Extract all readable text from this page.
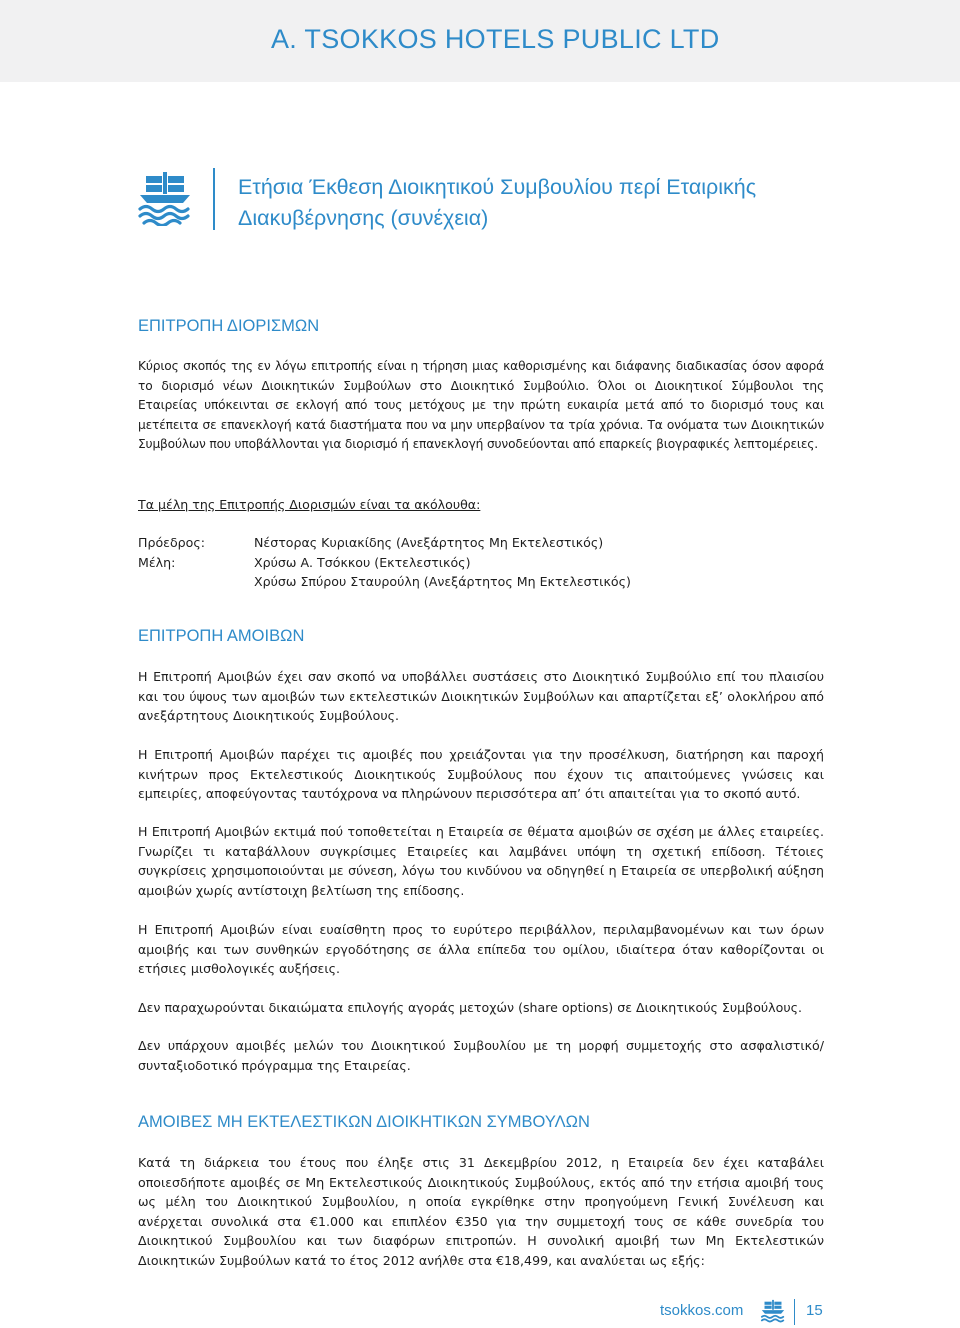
A. TSOKKOS HOTELS PUBLIC LTD
Ετήσια Έκθεση Διοικητικού Συμβουλίου περί Εταιρικής Διακυβέρνησης (συνέχεια)
ΕΠΙΤΡΟΠΗ ΔΙΟΡΙΣΜΩΝ

Κύριος σκοπός της εν λόγω επιτροπής είναι η τήρηση μιας καθορισμένης και διάφανης διαδικασίας όσον αφορά το διορισμό νέων Διοικητικών Συμβούλων στο Διοικητικό Συμβούλιο. Όλοι οι Διοικητικοί Σύμβουλοι της Εταιρείας υπόκεινται σε εκλογή από τους μετόχους με την πρώτη ευκαιρία μετά από το διορισμό τους και μετέπειτα σε επανεκλογή κατά διαστήματα που να μην υπερβαίνον τα τρία χρόνια. Τα ονόματα των Διοικητικών Συμβούλων που υποβάλλονται για διορισμό ή επανεκλογή συνοδεύονται από επαρκείς βιογραφικές λεπτομέρειες.

Τα μέλη της Επιτροπής Διορισμών είναι τα ακόλουθα:

Πρόεδρος:	Νέστορας Κυριακίδης (Ανεξάρτητος Μη Εκτελεστικός)
Μέλη:	Χρύσω Α. Τσόκκου (Εκτελεστικός)
Χρύσω Σπύρου Σταυρούλη (Ανεξάρτητος Μη Εκτελεστικός)
ΕΠΙΤΡΟΠΗ ΑΜΟΙΒΩΝ

Η Επιτροπή Αμοιβών έχει σαν σκοπό να υποβάλλει συστάσεις στο Διοικητικό Συμβούλιο επί του πλαισίου και του ύψους των αμοιβών των εκτελεστικών Διοικητικών Συμβούλων και απαρτίζεται εξ’ ολοκλήρου από ανεξάρτητους Διοικητικούς Συμβούλους.

Η Επιτροπή Αμοιβών παρέχει τις αμοιβές που χρειάζονται για την προσέλκυση, διατήρηση και παροχή κινήτρων προς Εκτελεστικούς Διοικητικούς Συμβούλους που έχουν τις απαιτούμενες γνώσεις και εμπειρίες, αποφεύγοντας ταυτόχρονα να πληρώνουν περισσότερα απ’ ότι απαιτείται για το σκοπό αυτό.

Η Επιτροπή Αμοιβών εκτιμά πού τοποθετείται η Εταιρεία σε θέματα αμοιβών σε σχέση με άλλες εταιρείες. Γνωρίζει τι καταβάλλουν συγκρίσιμες Εταιρείες και λαμβάνει υπόψη τη σχετική επίδοση. Τέτοιες συγκρίσεις χρησιμοποιούνται με σύνεση, λόγω του κινδύνου να οδηγηθεί η Εταιρεία σε υπερβολική αύξηση αμοιβών χωρίς αντίστοιχη βελτίωση της επίδοσης.

Η Επιτροπή Αμοιβών είναι ευαίσθητη προς το ευρύτερο περιβάλλον, περιλαμβανομένων και των όρων αμοιβής και των συνθηκών εργοδότησης σε άλλα επίπεδα του ομίλου, ιδιαίτερα όταν καθορίζονται οι ετήσιες μισθολογικές αυξήσεις.

Δεν παραχωρούνται δικαιώματα επιλογής αγοράς μετοχών (share options) σε Διοικητικούς Συμβούλους.

Δεν υπάρχουν αμοιβές μελών του Διοικητικού Συμβουλίου με τη μορφή συμμετοχής στο ασφαλιστικό/ συνταξιοδοτικό πρόγραμμα της Εταιρείας.

ΑΜΟΙΒΕΣ ΜΗ ΕΚΤΕΛΕΣΤΙΚΩΝ ΔΙΟΙΚΗΤΙΚΩΝ ΣΥΜΒΟΥΛΩΝ

Κατά τη διάρκεια του έτους που έληξε στις 31 Δεκεμβρίου 2012, η Εταιρεία δεν έχει καταβάλει οποιεσδήποτε αμοιβές σε Μη Εκτελεστικούς Διοικητικούς Συμβούλους, εκτός από την ετήσια αμοιβή τους ως μέλη του Διοικητικού Συμβουλίου, η οποία εγκρίθηκε στην προηγούμενη Γενική Συνέλευση και ανέρχεται συνολικά στα €1.000 και επιπλέον €350 για την συμμετοχή τους σε κάθε συνεδρία του Διοικητικού Συμβουλίου και των διαφόρων επιτροπών. Η συνολική αμοιβή των Μη Εκτελεστικών Διοικητικών Συμβούλων κατά το έτος 2012 ανήλθε στα €18,499, και αναλύεται ως εξής:

tsokkos.com	15
